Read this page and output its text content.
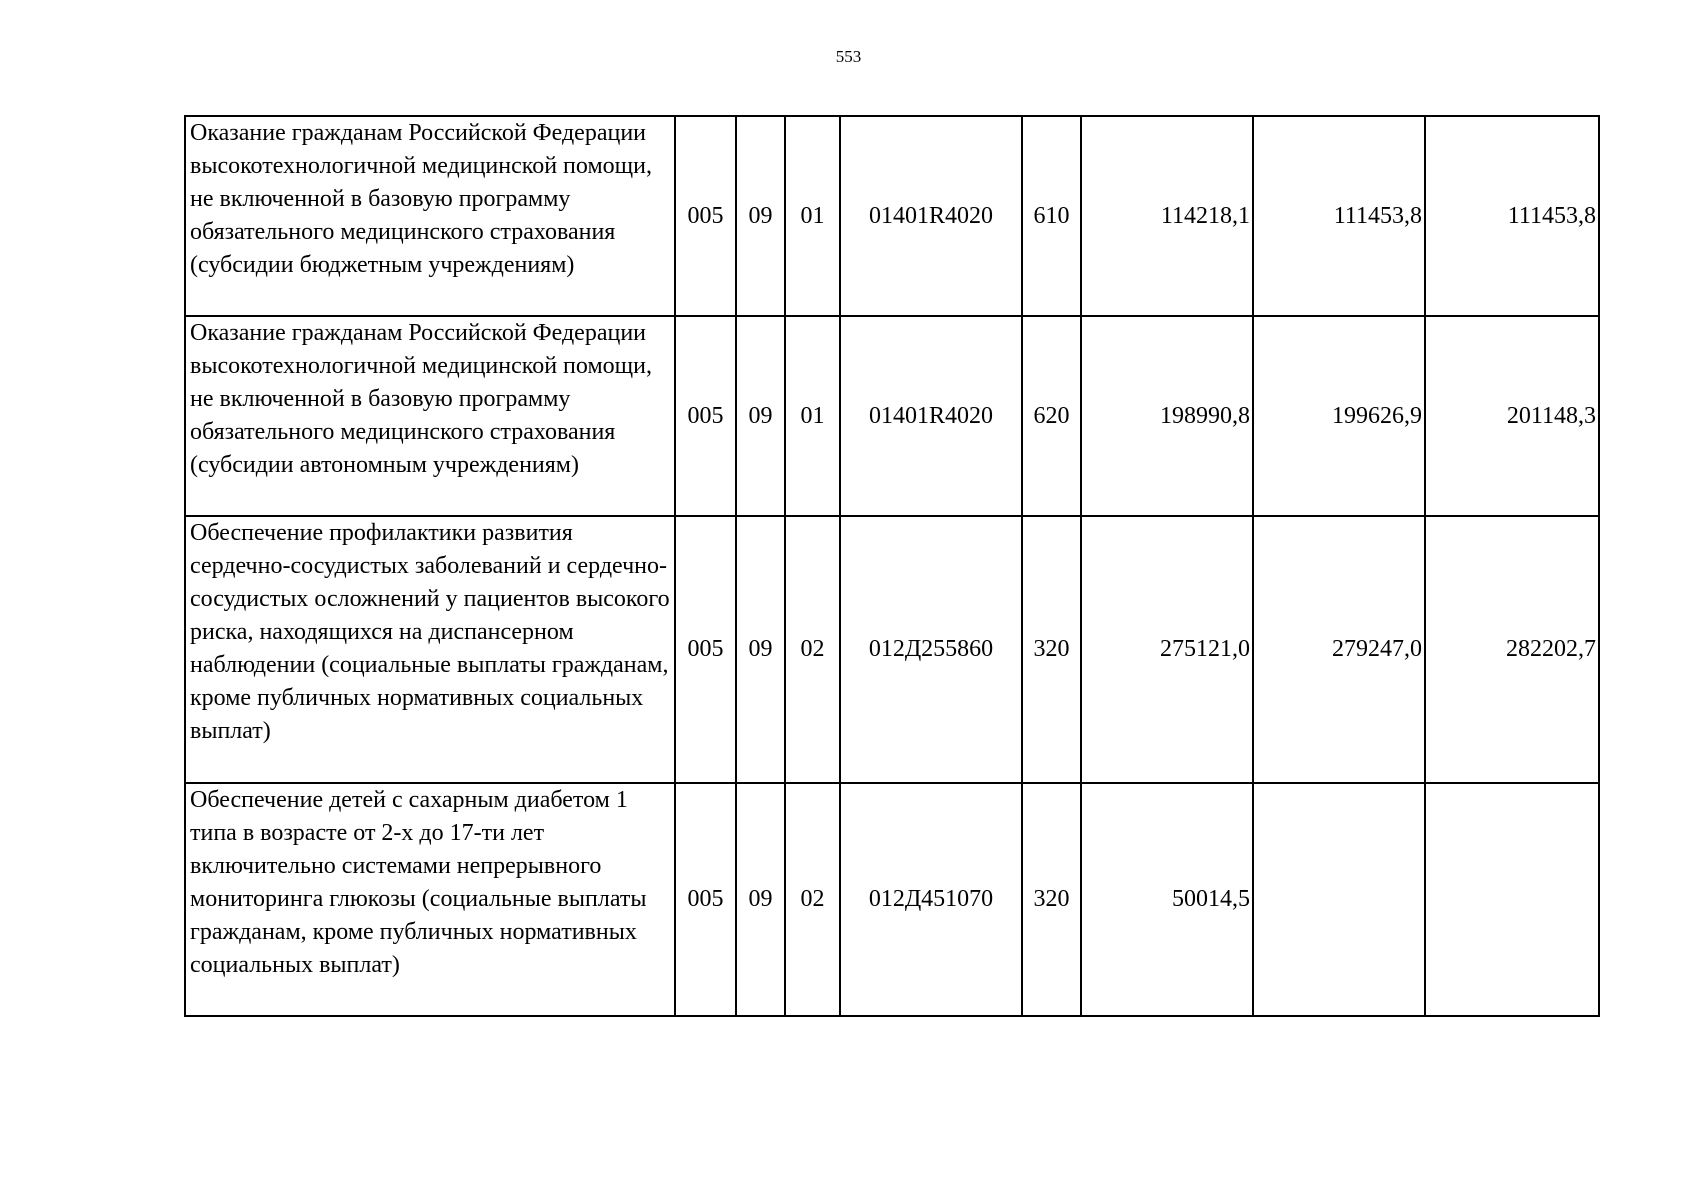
553
Оказание гражданам Российской Федерации высокотехнологичной медицинской помощи, не включенной в базовую программу обязательного медицинского страхования (субсидии бюджетным учреждениям)	005	09	01	01401R4020	610	114218,1	111453,8	111453,8
Оказание гражданам Российской Федерации высокотехнологичной медицинской помощи, не включенной в базовую программу обязательного медицинского страхования (субсидии автономным учреждениям)	005	09	01	01401R4020	620	198990,8	199626,9	201148,3
Обеспечение профилактики развития сердечно-сосудистых заболеваний и сердечно-сосудистых осложнений у пациентов высокого риска, находящихся на диспансерном наблюдении (социальные выплаты гражданам, кроме публичных нормативных социальных выплат)	005	09	02	012Д255860	320	275121,0	279247,0	282202,7
Обеспечение детей с сахарным диабетом 1 типа в возрасте от 2-х до 17-ти лет включительно системами непрерывного мониторинга глюкозы (социальные выплаты гражданам, кроме публичных нормативных социальных выплат)	005	09	02	012Д451070	320	50014,5		
